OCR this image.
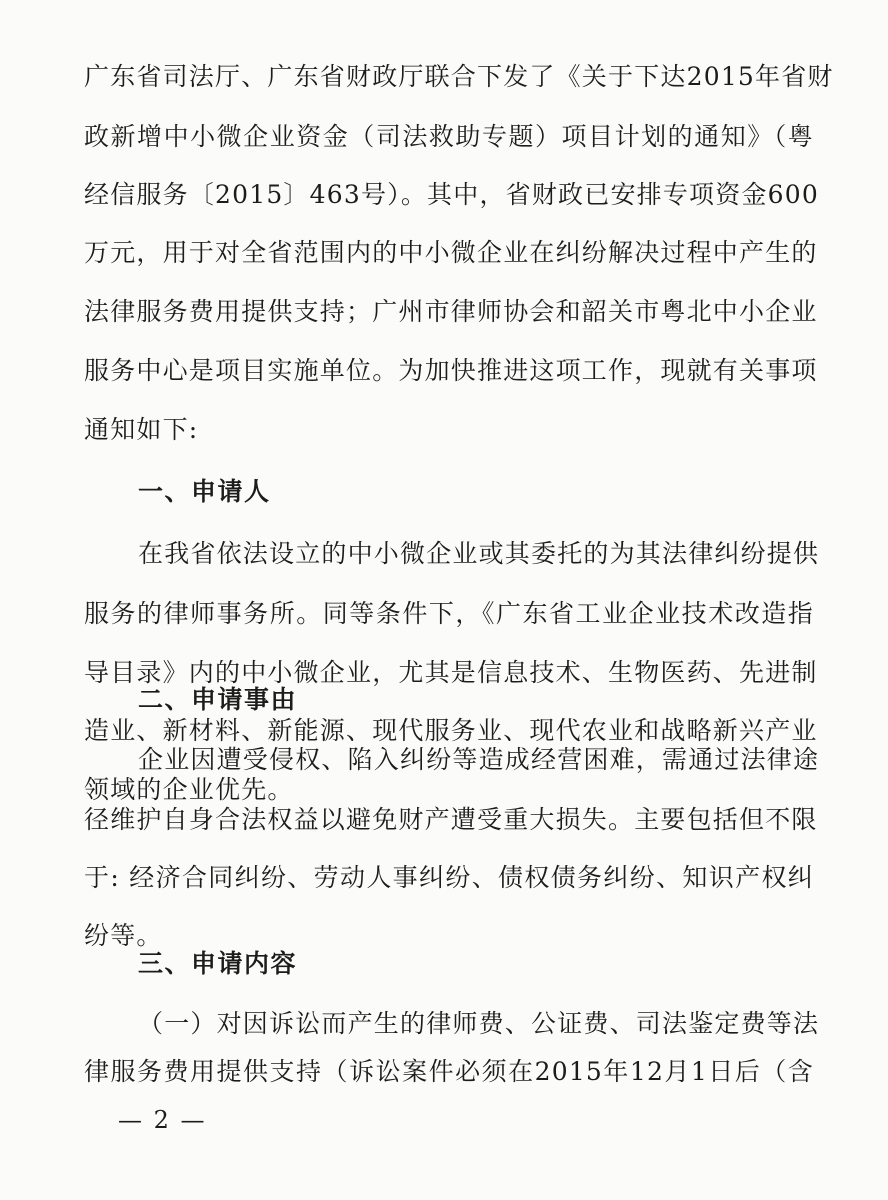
广东省司法厅、广东省财政厅联合下发了《关于下达2015年省财
政新增中小微企业资金（司法救助专题）项目计划的通知》（粤
经信服务〔2015〕463号）。其中，省财政已安排专项资金600
万元，用于对全省范围内的中小微企业在纠纷解决过程中产生的
法律服务费用提供支持；广州市律师协会和韶关市粤北中小企业
服务中心是项目实施单位。为加快推进这项工作，现就有关事项
通知如下:
一、申请人
在我省依法设立的中小微企业或其委托的为其法律纠纷提供
服务的律师事务所。同等条件下，《广东省工业企业技术改造指
导目录》内的中小微企业，尤其是信息技术、生物医药、先进制
造业、新材料、新能源、现代服务业、现代农业和战略新兴产业
领域的企业优先。
二、申请事由
企业因遭受侵权、陷入纠纷等造成经营困难，需通过法律途
径维护自身合法权益以避免财产遭受重大损失。主要包括但不限
于: 经济合同纠纷、劳动人事纠纷、债权债务纠纷、知识产权纠
纷等。
— 2 —
三、申请内容
（一）对因诉讼而产生的律师费、公证费、司法鉴定费等法
律服务费用提供支持（诉讼案件必须在2015年12月1日后（含
